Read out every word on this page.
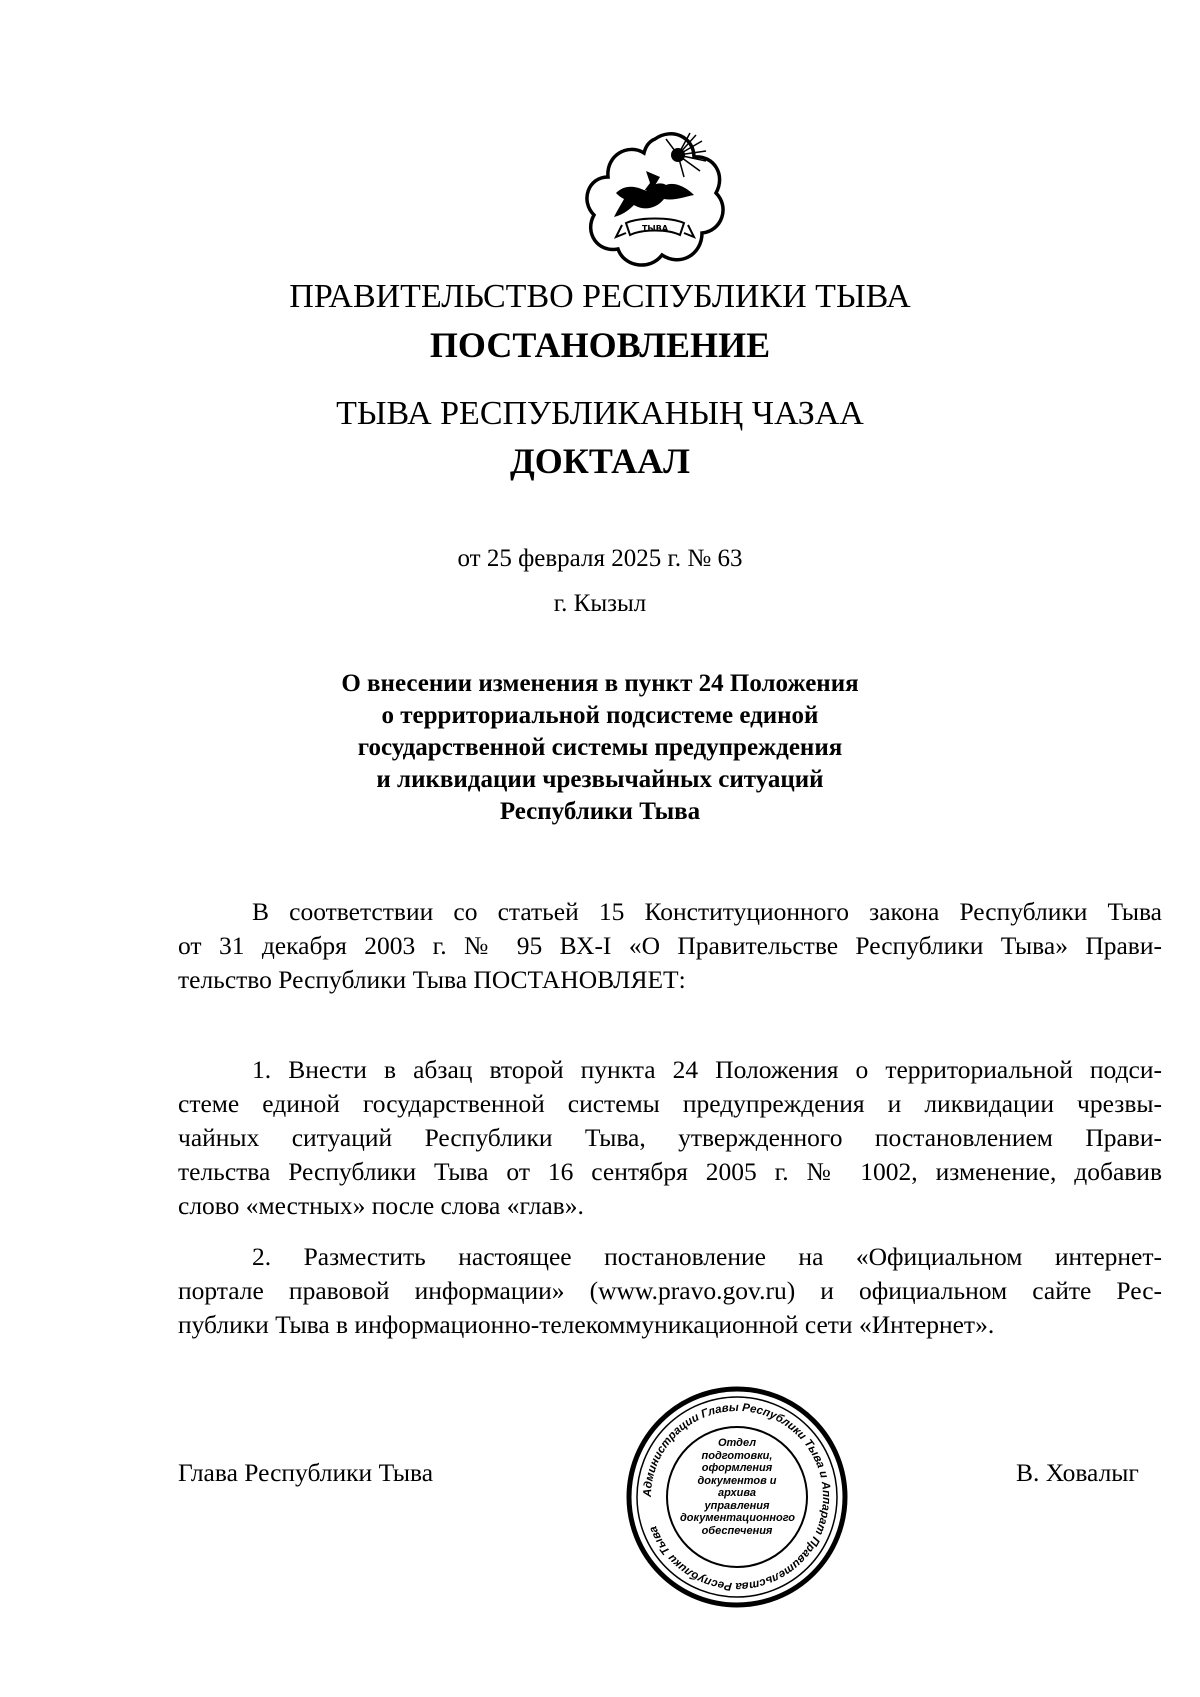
ТЫВА
ПРАВИТЕЛЬСТВО РЕСПУБЛИКИ ТЫВА
ПОСТАНОВЛЕНИЕ
ТЫВА РЕСПУБЛИКАНЫҢ ЧАЗАА
ДОКТААЛ
от 25 февраля 2025 г. № 63
г. Кызыл
О внесении изменения в пункт 24 Положения
о территориальной подсистеме единой
государственной системы предупреждения
и ликвидации чрезвычайных ситуаций
Республики Тыва
В соответствии со статьей 15 Конституционного закона Республики Тыва
от 31 декабря 2003 г. № 95 ВХ-I «О Правительстве Республики Тыва» Прави-
тельство Республики Тыва ПОСТАНОВЛЯЕТ:
1. Внести в абзац второй пункта 24 Положения о территориальной подси-
стеме единой государственной системы предупреждения и ликвидации чрезвы-
чайных ситуаций Республики Тыва, утвержденного постановлением Прави-
тельства Республики Тыва от 16 сентября 2005 г. № 1002, изменение, добавив
слово «местных» после слова «глав».
2. Разместить настоящее постановление на «Официальном интернет-
портале правовой информации» (www.pravo.gov.ru) и официальном сайте Рес-
публики Тыва в информационно-телекоммуникационной сети «Интернет».
Глава Республики Тыва	В. Ховалыг
Администрации Главы Республики Тыва и Аппарат Правительства Республики Тыва
Отдел
подготовки,
оформления
документов и архива
управления
документационного
обеспечения
